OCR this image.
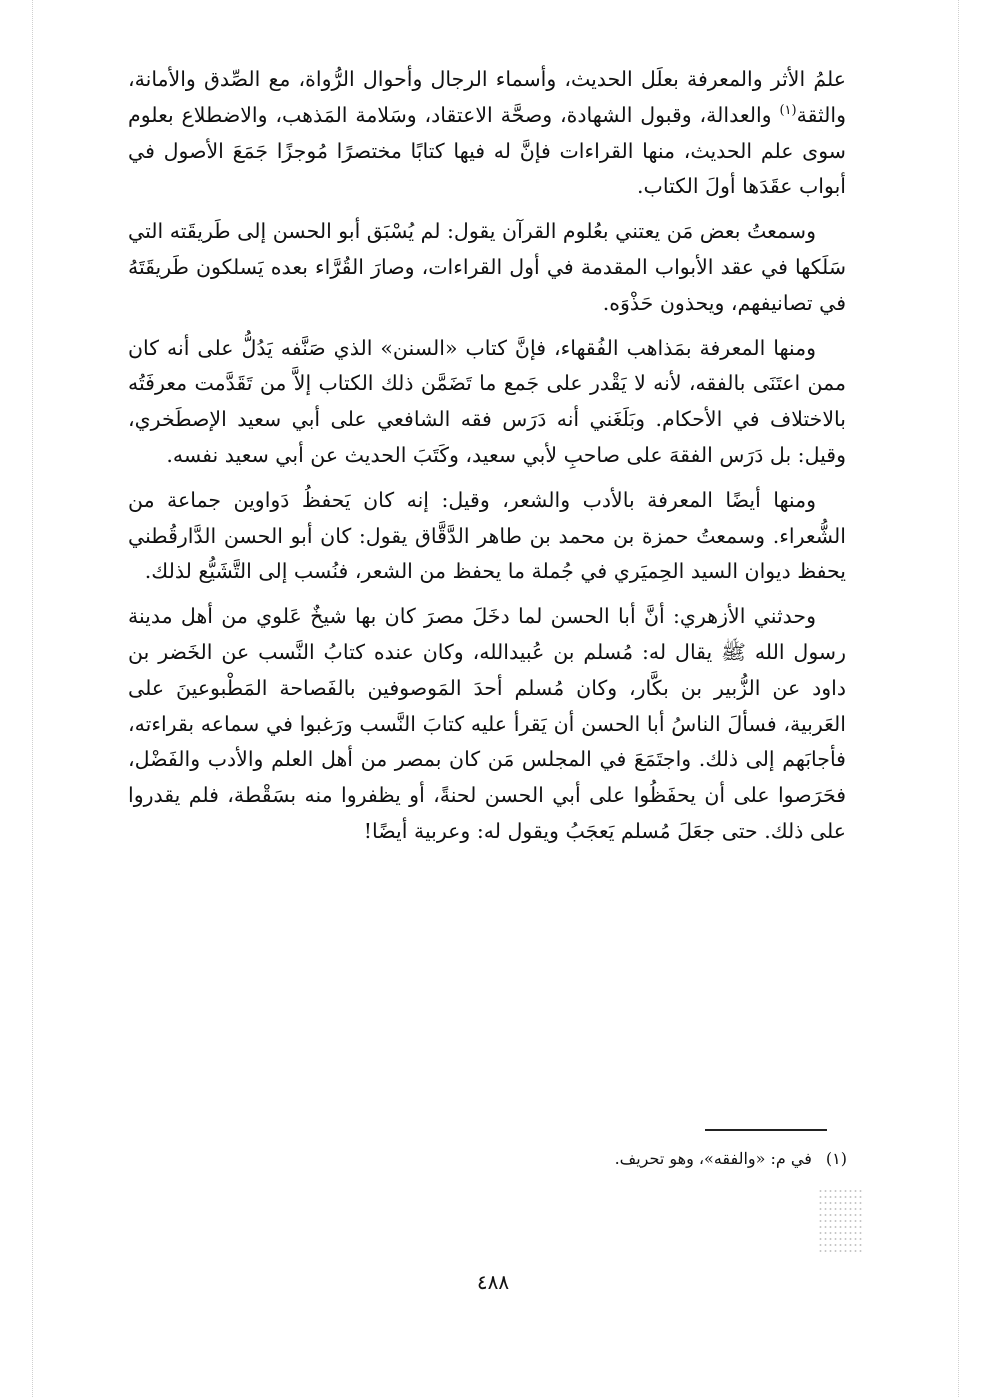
علمُ الأثر والمعرفة بعلَل الحديث، وأسماء الرجال وأحوال الرُّواة، مع الصِّدق والأمانة، والثقة$^{(١)}$ والعدالة، وقبول الشهادة، وصحَّة الاعتقاد، وسَلامة المَذهب، والاضطلاع بعلوم سوى علم الحديث، منها القراءات فإنَّ له فيها كتابًا مختصرًا مُوجزًا جَمَعَ الأصول في أبواب عقَدَها أولَ الكتاب.

وسمعتُ بعض مَن يعتني بعُلوم القرآن يقول: لم يُسْبَق أبو الحسن إلى طَريقَته التي سَلَكها في عقد الأبواب المقدمة في أول القراءات، وصارَ القُرَّاء بعده يَسلكون طَريقَتَهُ في تصانيفهم، ويحذون حَذْوَه.

ومنها المعرفة بمَذاهب الفُقهاء، فإنَّ كتاب «السنن» الذي صَنَّفه يَدُلُّ على أنه كان ممن اعتَنَى بالفقه، لأنه لا يَقْدر على جَمع ما تَضَمَّن ذلك الكتاب إلاَّ من تَقَدَّمت معرفَتُه بالاختلاف في الأحكام. وبَلَغَني أنه دَرَس فقه الشافعي على أبي سعيد الإصطَخري، وقيل: بل دَرَس الفقهَ على صاحبِ لأبي سعيد، وكَتَبَ الحديث عن أبي سعيد نفسه.

ومنها أيضًا المعرفة بالأدب والشعر، وقيل: إنه كان يَحفظُ دَواوين جماعة من الشُّعراء. وسمعتُ حمزة بن محمد بن طاهر الدَّقَّاق يقول: كان أبو الحسن الدَّارقُطني يحفظ ديوان السيد الحِميَري في جُملة ما يحفظ من الشعر، فنُسب إلى التَّشَيُّع لذلك.

وحدثني الأزهري: أنَّ أبا الحسن لما دخَلَ مصرَ كان بها شيخٌ عَلوي من أهل مدينة رسول الله ﷺ يقال له: مُسلم بن عُبيدالله، وكان عنده كتابُ النَّسب عن الخَضر بن داود عن الزُّبير بن بكَّار، وكان مُسلم أحدَ المَوصوفين بالفَصاحة المَطْبوعينَ على العَربية، فسألَ الناسُ أبا الحسن أن يَقرأ عليه كتابَ النَّسب ورَغبوا في سماعه بقراءته، فأجابَهم إلى ذلك. واجتَمَعَ في المجلس مَن كان بمصر من أهل العلم والأدب والفَضْل، فحَرَصوا على أن يحفَظُوا على أبي الحسن لحنةً، أو يظفروا منه بسَقْطة، فلم يقدروا على ذلك. حتى جعَلَ مُسلم يَعجَبُ ويقول له: وعربية أيضًا!

(١)في م: «والفقه»، وهو تحريف.
٤٨٨
